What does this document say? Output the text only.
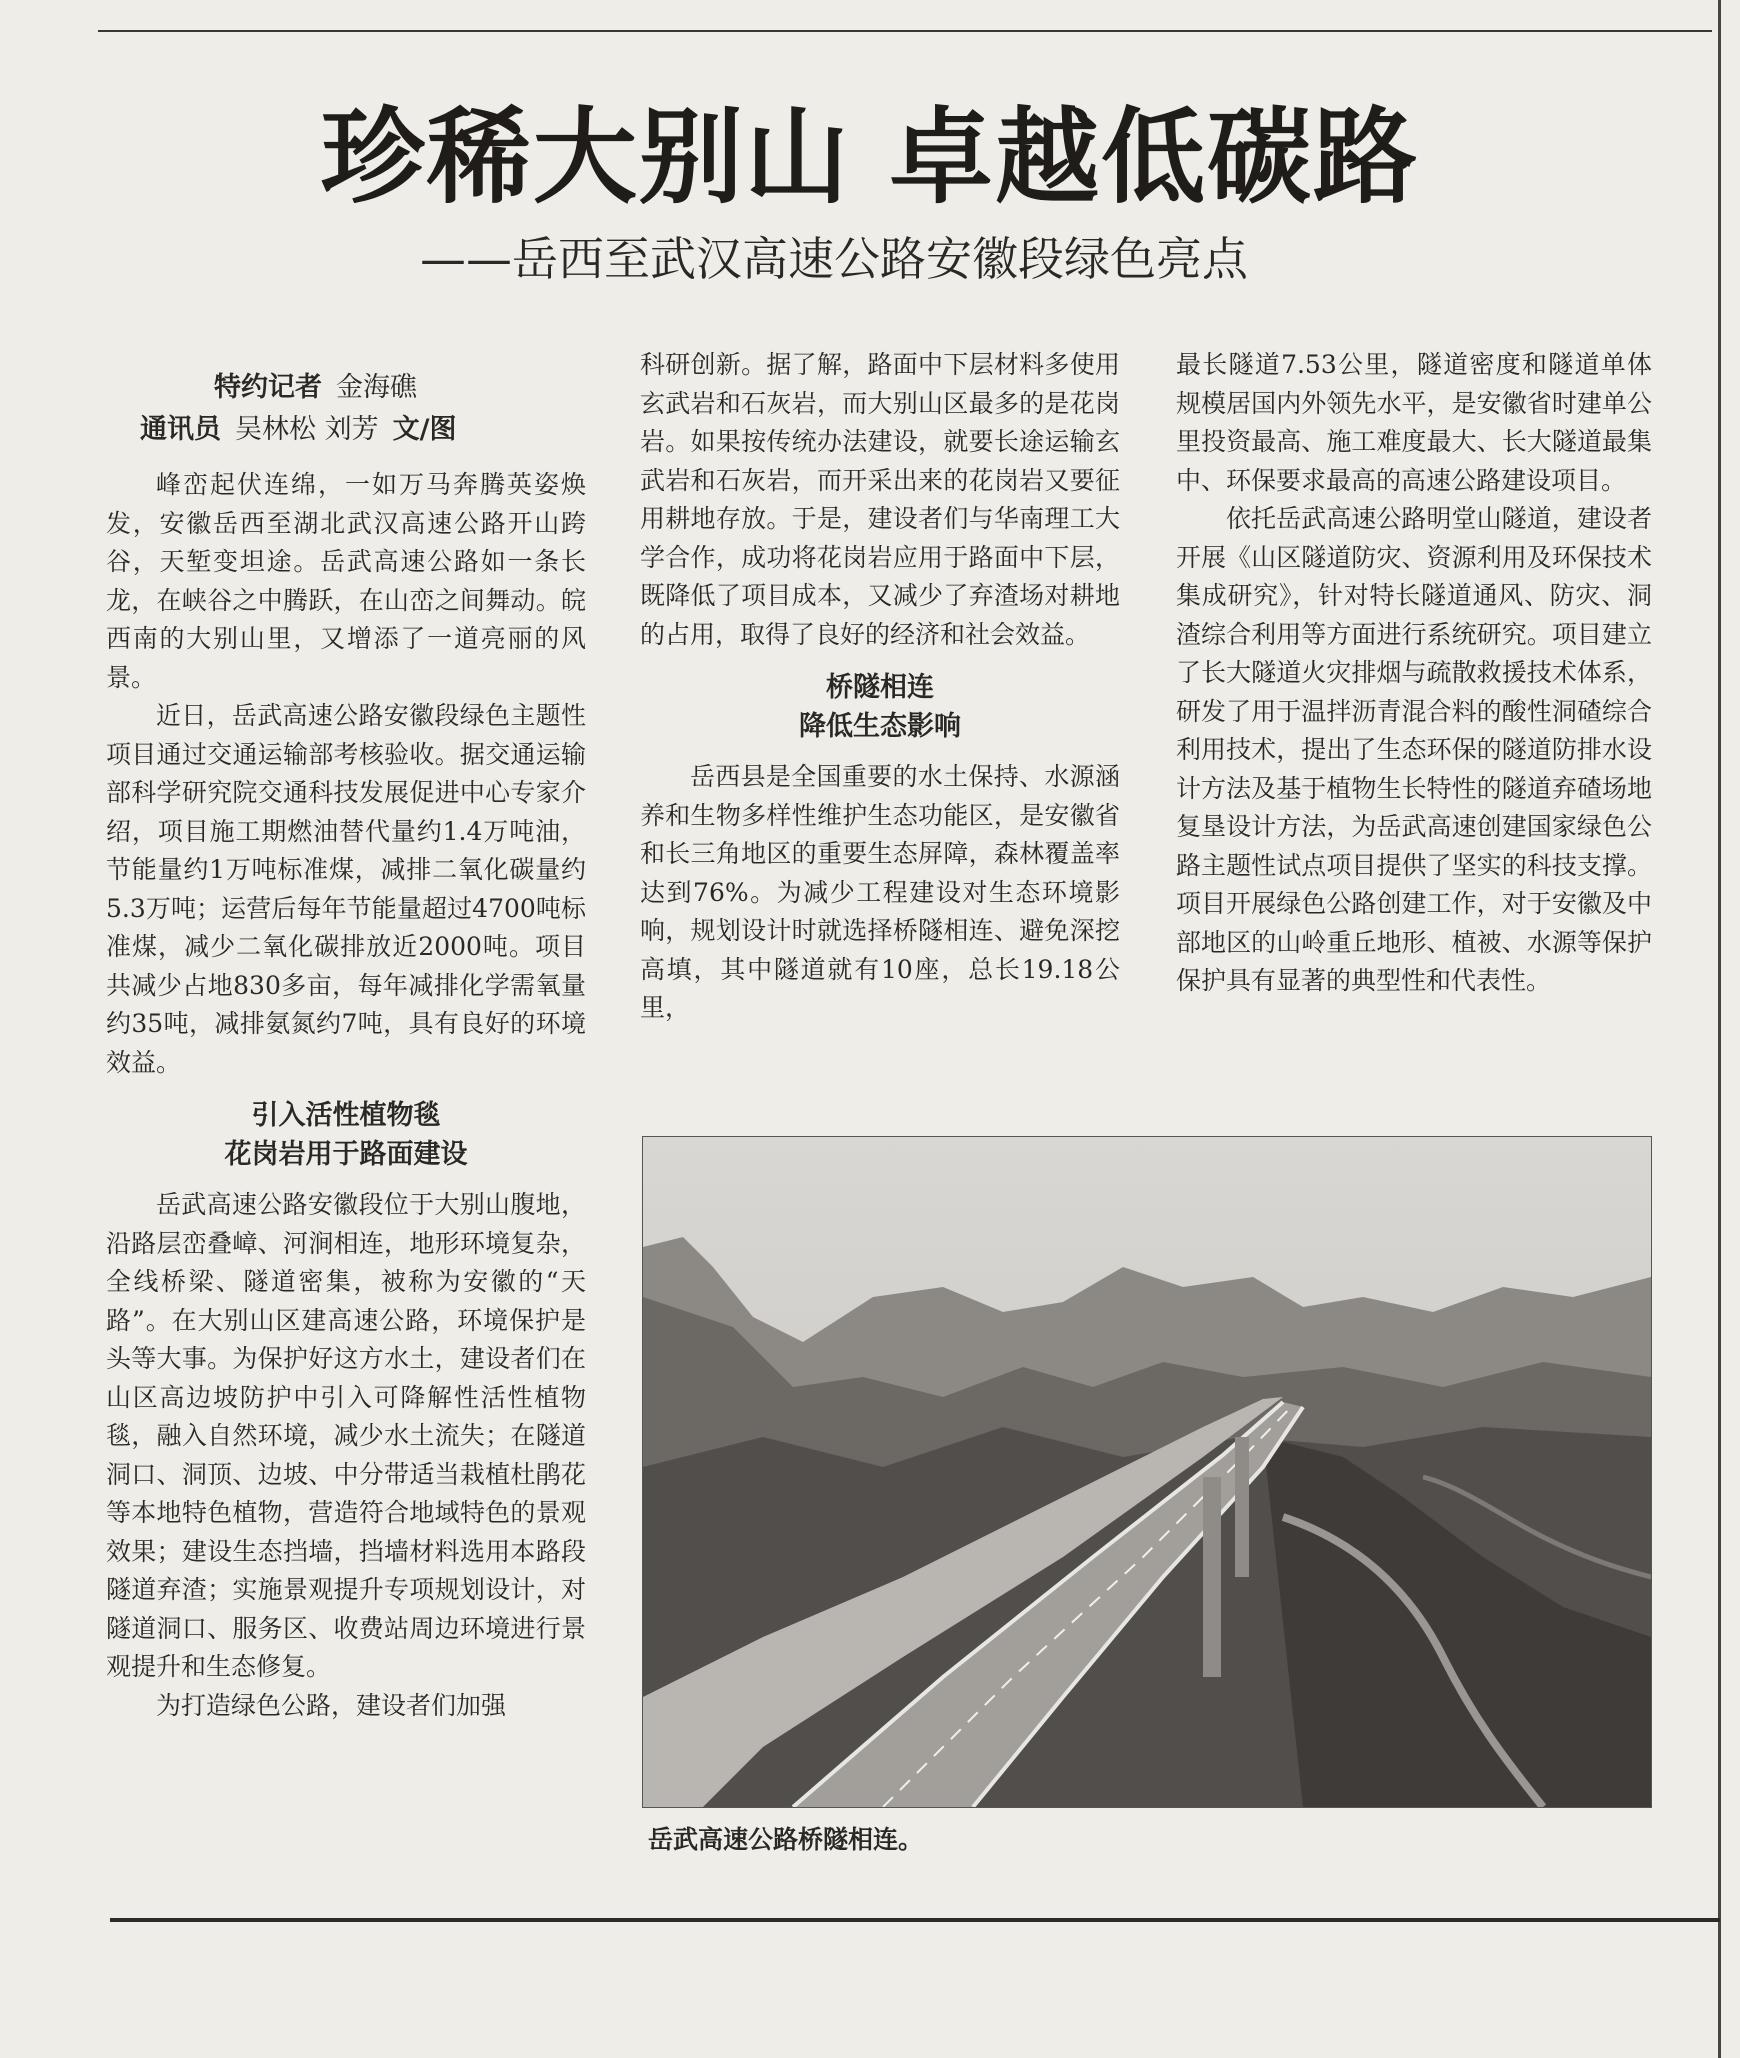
珍稀大别山 卓越低碳路
——岳西至武汉高速公路安徽段绿色亮点
特约记者 金海礁
通讯员 吴林松 刘芳 文/图

峰峦起伏连绵，一如万马奔腾英姿焕发，安徽岳西至湖北武汉高速公路开山跨谷，天堑变坦途。岳武高速公路如一条长龙，在峡谷之中腾跃，在山峦之间舞动。皖西南的大别山里，又增添了一道亮丽的风景。

近日，岳武高速公路安徽段绿色主题性项目通过交通运输部考核验收。据交通运输部科学研究院交通科技发展促进中心专家介绍，项目施工期燃油替代量约1.4万吨油，节能量约1万吨标准煤，减排二氧化碳量约5.3万吨；运营后每年节能量超过4700吨标准煤，减少二氧化碳排放近2000吨。项目共减少占地830多亩，每年减排化学需氧量约35吨，减排氨氮约7吨，具有良好的环境效益。

引入活性植物毯
花岗岩用于路面建设

岳武高速公路安徽段位于大别山腹地，沿路层峦叠嶂、河涧相连，地形环境复杂，全线桥梁、隧道密集，被称为安徽的“天路”。在大别山区建高速公路，环境保护是头等大事。为保护好这方水土，建设者们在山区高边坡防护中引入可降解性活性植物毯，融入自然环境，减少水土流失；在隧道洞口、洞顶、边坡、中分带适当栽植杜鹃花等本地特色植物，营造符合地域特色的景观效果；建设生态挡墙，挡墙材料选用本路段隧道弃渣；实施景观提升专项规划设计，对隧道洞口、服务区、收费站周边环境进行景观提升和生态修复。

为打造绿色公路，建设者们加强

科研创新。据了解，路面中下层材料多使用玄武岩和石灰岩，而大别山区最多的是花岗岩。如果按传统办法建设，就要长途运输玄武岩和石灰岩，而开采出来的花岗岩又要征用耕地存放。于是，建设者们与华南理工大学合作，成功将花岗岩应用于路面中下层，既降低了项目成本，又减少了弃渣场对耕地的占用，取得了良好的经济和社会效益。

桥隧相连
降低生态影响

岳西县是全国重要的水土保持、水源涵养和生物多样性维护生态功能区，是安徽省和长三角地区的重要生态屏障，森林覆盖率达到76%。为减少工程建设对生态环境影响，规划设计时就选择桥隧相连、避免深挖高填，其中隧道就有10座，总长19.18公里，

最长隧道7.53公里，隧道密度和隧道单体规模居国内外领先水平，是安徽省时建单公里投资最高、施工难度最大、长大隧道最集中、环保要求最高的高速公路建设项目。

依托岳武高速公路明堂山隧道，建设者开展《山区隧道防灾、资源利用及环保技术集成研究》，针对特长隧道通风、防灾、洞渣综合利用等方面进行系统研究。项目建立了长大隧道火灾排烟与疏散救援技术体系，研发了用于温拌沥青混合料的酸性洞碴综合利用技术，提出了生态环保的隧道防排水设计方法及基于植物生长特性的隧道弃碴场地复垦设计方法，为岳武高速创建国家绿色公路主题性试点项目提供了坚实的科技支撑。项目开展绿色公路创建工作，对于安徽及中部地区的山岭重丘地形、植被、水源等保护保护具有显著的典型性和代表性。

岳武高速公路桥隧相连。
